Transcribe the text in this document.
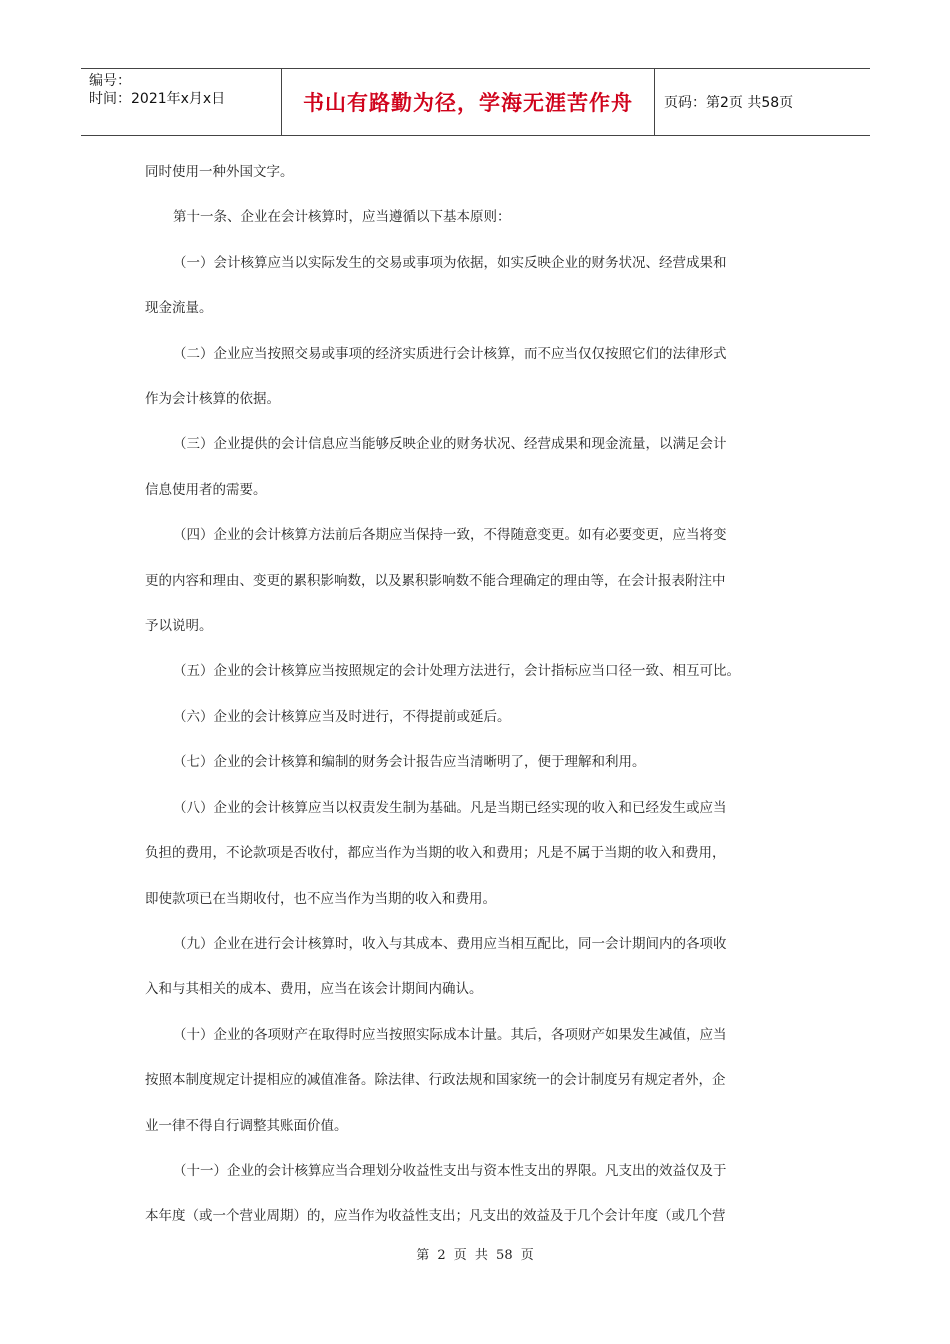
编号：
时间：2021年x月x日	书山有路勤为径，学海无涯苦作舟	页码：第2页 共58页

同时使用一种外国文字。

第十一条、企业在会计核算时，应当遵循以下基本原则：

（一）会计核算应当以实际发生的交易或事项为依据，如实反映企业的财务状况、经营成果和

现金流量。

（二）企业应当按照交易或事项的经济实质进行会计核算，而不应当仅仅按照它们的法律形式

作为会计核算的依据。

（三）企业提供的会计信息应当能够反映企业的财务状况、经营成果和现金流量，以满足会计

信息使用者的需要。

（四）企业的会计核算方法前后各期应当保持一致，不得随意变更。如有必要变更，应当将变

更的内容和理由、变更的累积影响数，以及累积影响数不能合理确定的理由等，在会计报表附注中

予以说明。

（五）企业的会计核算应当按照规定的会计处理方法进行，会计指标应当口径一致、相互可比。

（六）企业的会计核算应当及时进行，不得提前或延后。

（七）企业的会计核算和编制的财务会计报告应当清晰明了，便于理解和利用。

（八）企业的会计核算应当以权责发生制为基础。凡是当期已经实现的收入和已经发生或应当

负担的费用，不论款项是否收付，都应当作为当期的收入和费用；凡是不属于当期的收入和费用，

即使款项已在当期收付，也不应当作为当期的收入和费用。

（九）企业在进行会计核算时，收入与其成本、费用应当相互配比，同一会计期间内的各项收

入和与其相关的成本、费用，应当在该会计期间内确认。

（十）企业的各项财产在取得时应当按照实际成本计量。其后，各项财产如果发生减值，应当

按照本制度规定计提相应的减值准备。除法律、行政法规和国家统一的会计制度另有规定者外，企

业一律不得自行调整其账面价值。

（十一）企业的会计核算应当合理划分收益性支出与资本性支出的界限。凡支出的效益仅及于

本年度（或一个营业周期）的，应当作为收益性支出；凡支出的效益及于几个会计年度（或几个营

第 2 页 共 58 页
